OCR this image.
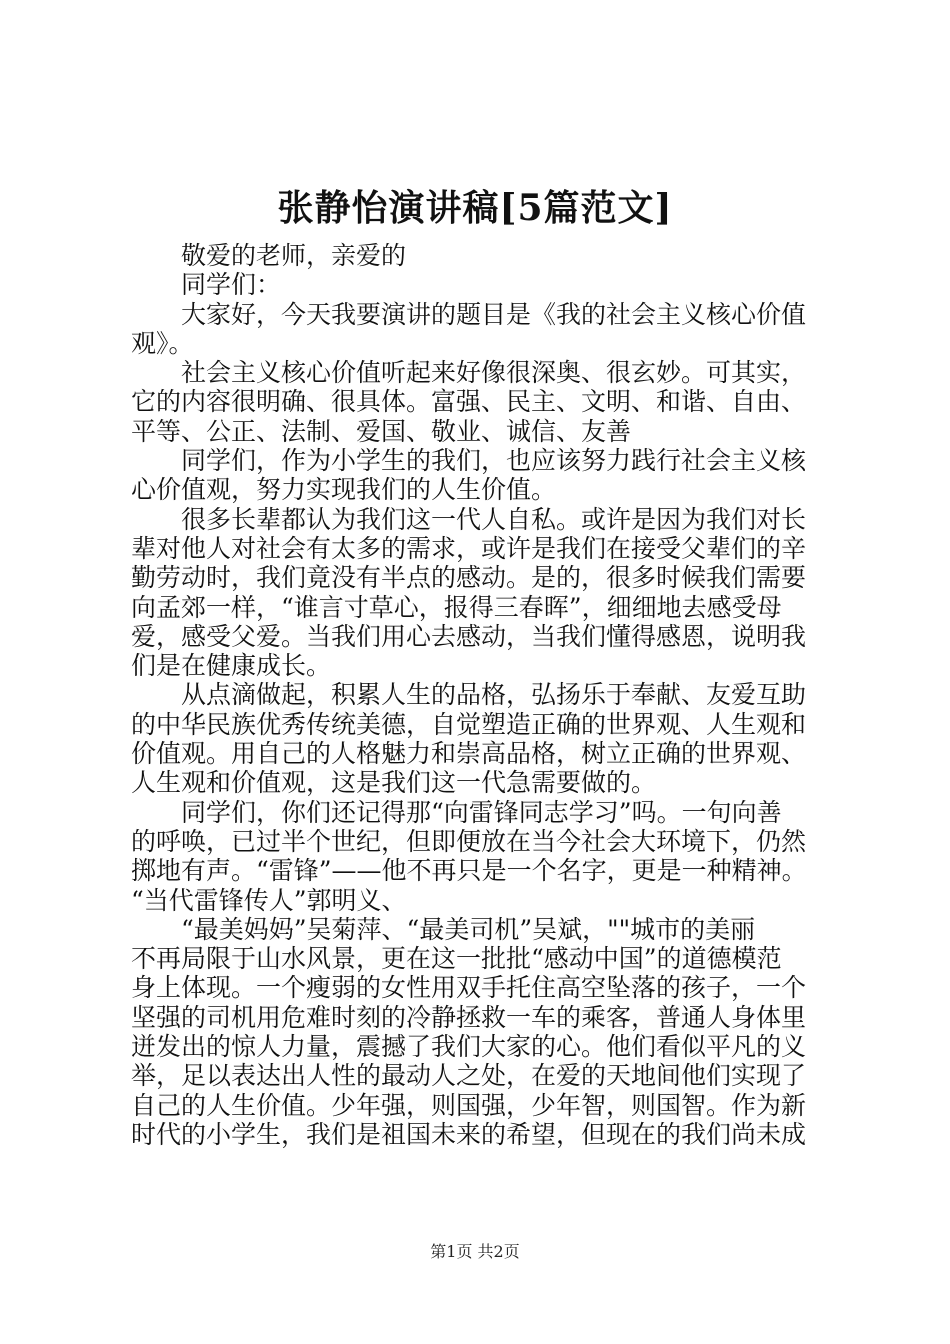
张静怡演讲稿[5篇范文]
敬爱的老师，亲爱的
同学们：
大家好，今天我要演讲的题目是《我的社会主义核心价值
观》。
社会主义核心价值听起来好像很深奥、很玄妙。可其实，
它的内容很明确、很具体。富强、民主、文明、和谐、自由、
平等、公正、法制、爱国、敬业、诚信、友善
同学们，作为小学生的我们，也应该努力践行社会主义核
心价值观，努力实现我们的人生价值。
很多长辈都认为我们这一代人自私。或许是因为我们对长
辈对他人对社会有太多的需求，或许是我们在接受父辈们的辛
勤劳动时，我们竟没有半点的感动。是的，很多时候我们需要
向孟郊一样，“谁言寸草心，报得三春晖”，细细地去感受母
爱，感受父爱。当我们用心去感动，当我们懂得感恩，说明我
们是在健康成长。
从点滴做起，积累人生的品格，弘扬乐于奉献、友爱互助
的中华民族优秀传统美德，自觉塑造正确的世界观、人生观和
价值观。用自己的人格魅力和崇高品格，树立正确的世界观、
人生观和价值观，这是我们这一代急需要做的。
同学们，你们还记得那“向雷锋同志学习”吗。一句向善
的呼唤，已过半个世纪，但即便放在当今社会大环境下，仍然
掷地有声。“雷锋”——他不再只是一个名字，更是一种精神。
“当代雷锋传人”郭明义、
“最美妈妈”吴菊萍、“最美司机”吴斌，""城市的美丽
不再局限于山水风景，更在这一批批“感动中国”的道德模范
身上体现。一个瘦弱的女性用双手托住高空坠落的孩子，一个
坚强的司机用危难时刻的冷静拯救一车的乘客，普通人身体里
迸发出的惊人力量，震撼了我们大家的心。他们看似平凡的义
举，足以表达出人性的最动人之处，在爱的天地间他们实现了
自己的人生价值。少年强，则国强，少年智，则国智。作为新
时代的小学生，我们是祖国未来的希望，但现在的我们尚未成
第1页 共2页
